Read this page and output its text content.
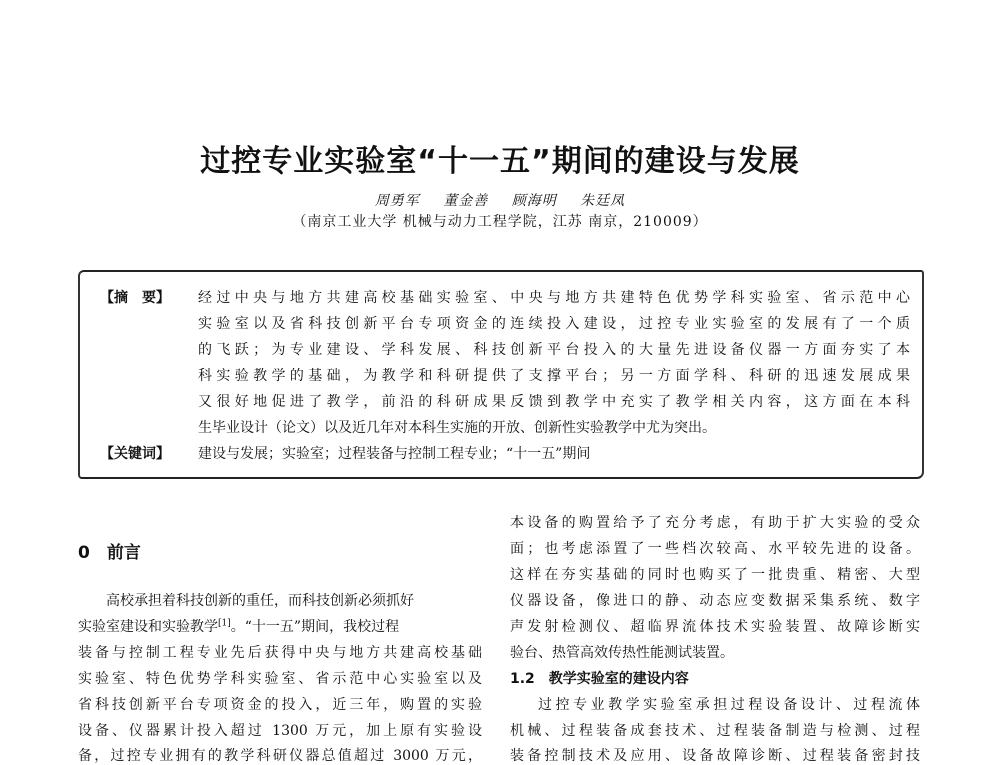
过控专业实验室“十一五”期间的建设与发展
周勇军 董金善 顾海明 朱廷凤
（南京工业大学 机械与动力工程学院，江苏 南京，210009）
【摘　要】 经过中央与地方共建高校基础实验室、中央与地方共建特色优势学科实验室、省示范中心
实验室以及省科技创新平台专项资金的连续投入建设，过控专业实验室的发展有了一个质
的飞跃；为专业建设、学科发展、科技创新平台投入的大量先进设备仪器一方面夯实了本
科实验教学的基础，为教学和科研提供了支撑平台；另一方面学科、科研的迅速发展成果
又很好地促进了教学，前沿的科研成果反馈到教学中充实了教学相关内容，这方面在本科
生毕业设计（论文）以及近几年对本科生实施的开放、创新性实验教学中尤为突出。
【关键词】 建设与发展；实验室；过程装备与控制工程专业；“十一五”期间
0　前言
高校承担着科技创新的重任，而科技创新必须抓好
实验室建设和实验教学[1]。“十一五”期间，我校过程
装备与控制工程专业先后获得中央与地方共建高校基础
实验室、特色优势学科实验室、省示范中心实验室以及
省科技创新平台专项资金的投入，近三年，购置的实验
设备、仪器累计投入超过 1300 万元，加上原有实验设
备，过控专业拥有的教学科研仪器总值超过 3000 万元，
本设备的购置给予了充分考虑，有助于扩大实验的受众
面；也考虑添置了一些档次较高、水平较先进的设备。
这样在夯实基础的同时也购买了一批贵重、精密、大型
仪器设备，像进口的静、动态应变数据采集系统、数字
声发射检测仪、超临界流体技术实验装置、故障诊断实
验台、热管高效传热性能测试装置。
1.2　教学实验室的建设内容
过控专业教学实验室承担过程设备设计、过程流体
机械、过程装备成套技术、过程装备制造与检测、过程
装备控制技术及应用、设备故障诊断、过程装备密封技
